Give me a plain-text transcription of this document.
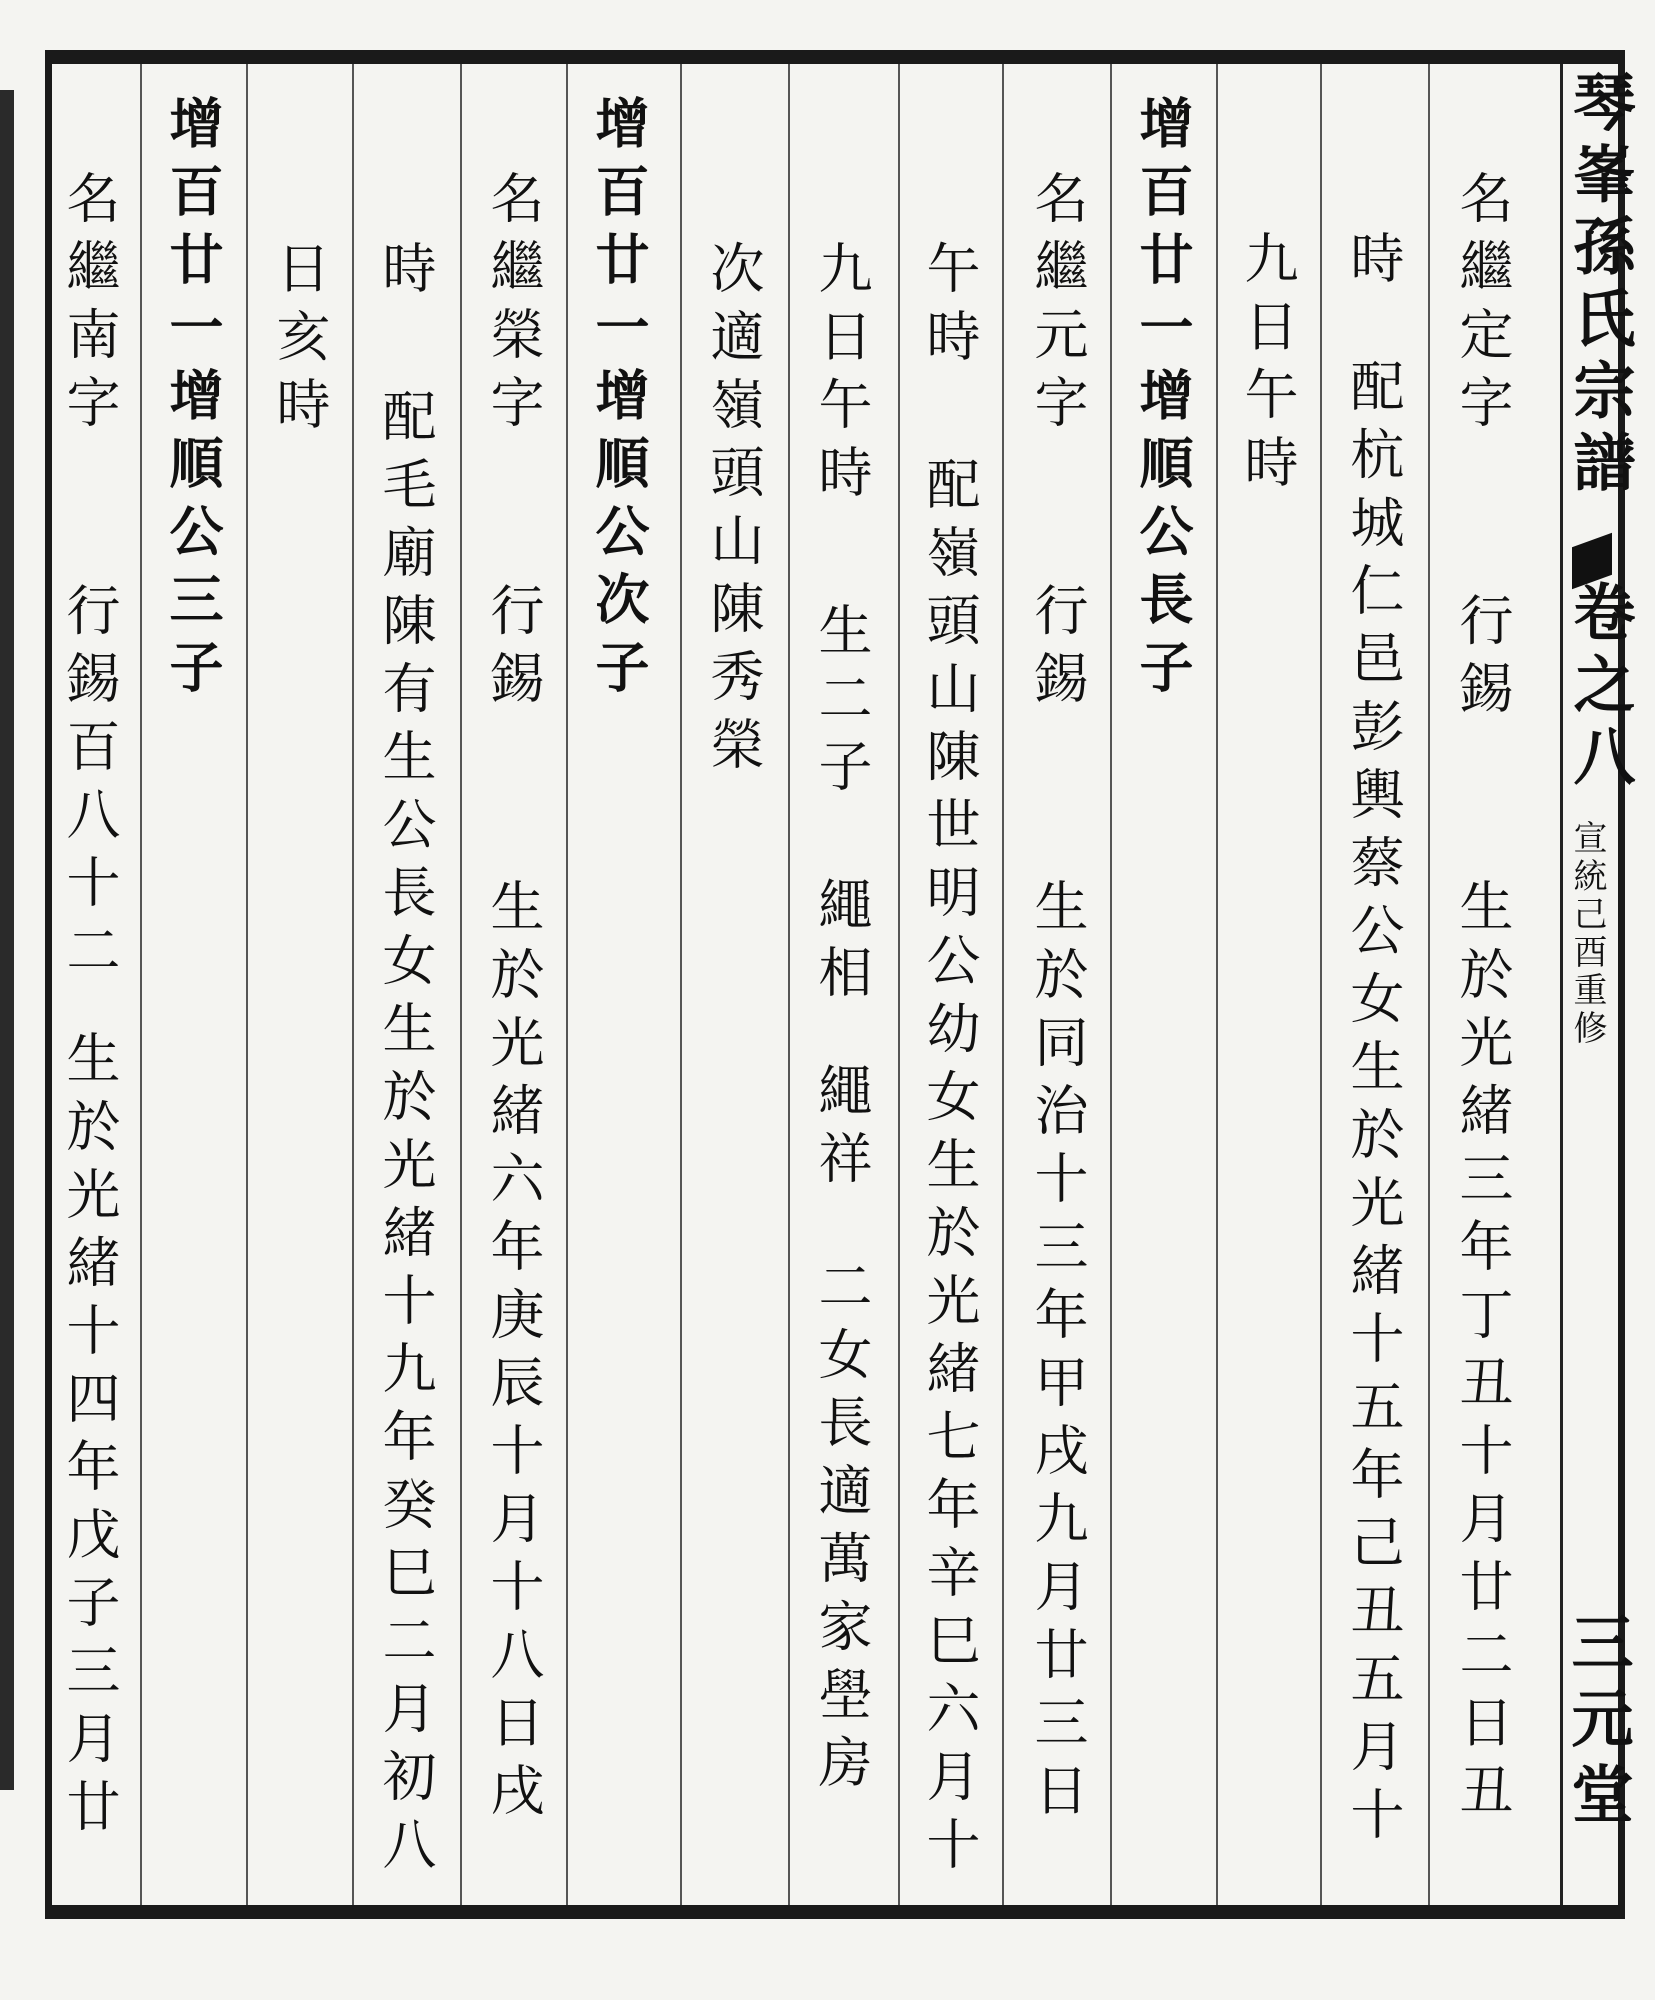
琴峯孫氏宗譜
卷之八
宣統己酉重修
三元堂
名繼定字行錫生於光緒三年丁丑十月廿二日丑
時配杭城仁邑彭輿蔡公女生於光緒十五年己丑五月十
九日午時
增百廿一增順公長子
名繼元字行錫生於同治十三年甲戌九月廿三日
午時配嶺頭山陳世明公幼女生於光緒七年辛巳六月十
九日午時生二子繩相繩祥二女長適萬家壆房
次適嶺頭山陳秀榮
增百廿一增順公次子
名繼榮字行錫生於光緒六年庚辰十月十八日戌
時配毛廟陳有生公長女生於光緒十九年癸巳二月初八
日亥時
增百廿一增順公三子
名繼南字行錫百八十二生於光緒十四年戊子三月廿
